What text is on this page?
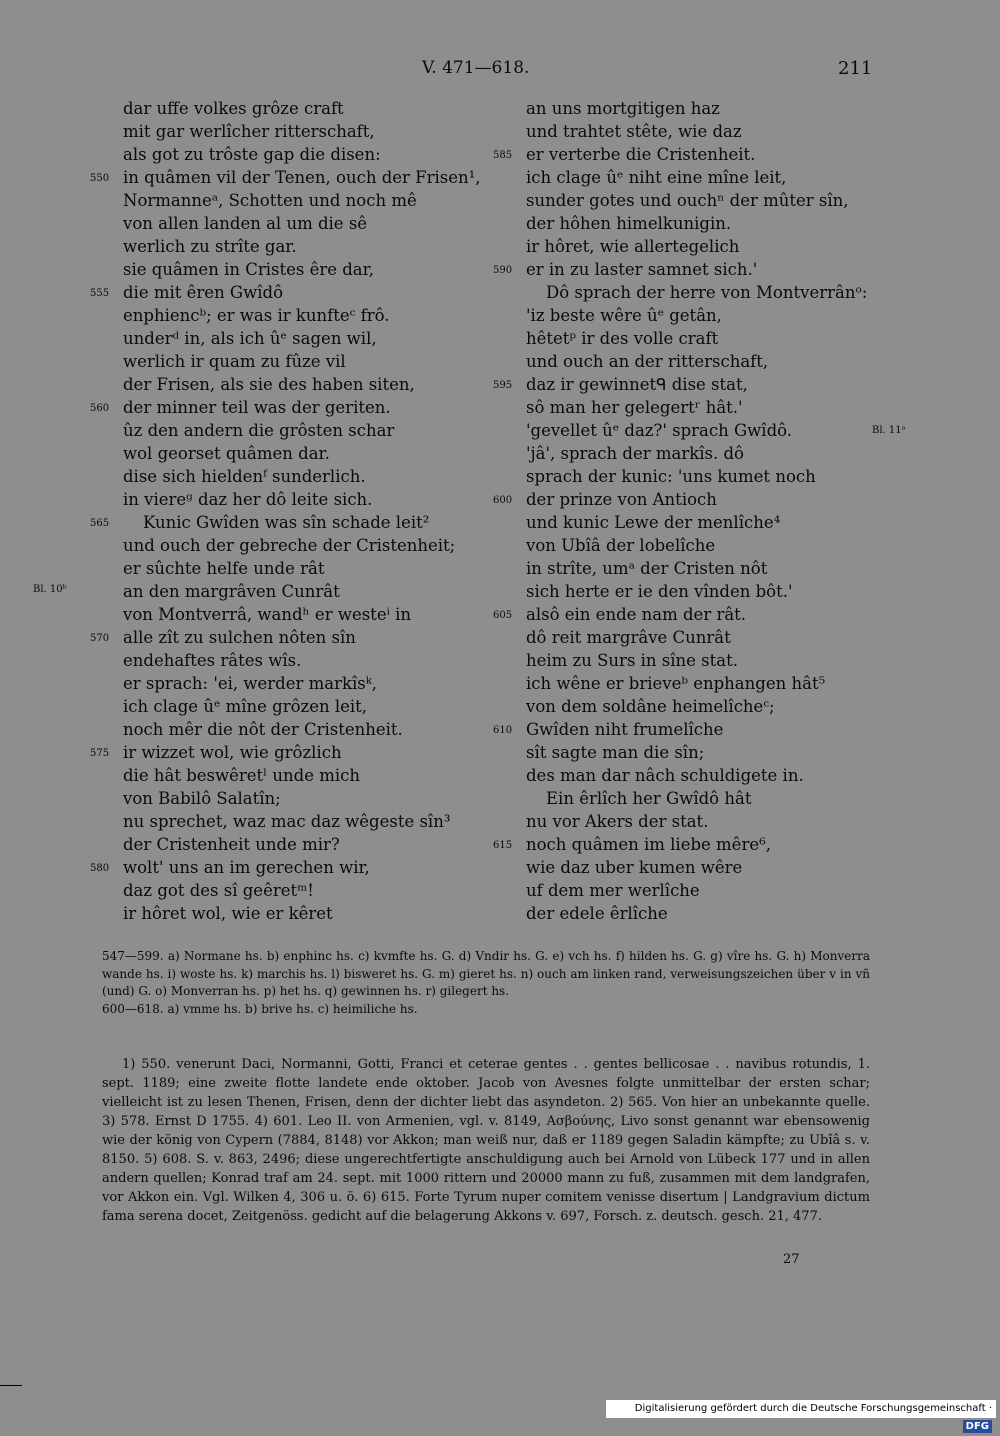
V. 471—618.	211
dar uffe volkes grôze craft
mit gar werlîcher ritterschaft,
als got zu trôste gap die disen:
550 in quâmen vil der Tenen, ouch der Frisen¹,
Normanneᵃ, Schotten und noch mê
von allen landen al um die sê
werlich zu strîte gar.
sie quâmen in Cristes êre dar,
555 die mit êren Gwîdô
enphiencᵇ; er was ir kunfteᶜ frô.
underᵈ in, als ich ûᵉ sagen wil,
werlich ir quam zu fûze vil
der Frisen, als sie des haben siten,
560 der minner teil was der geriten.
ûz den andern die grôsten schar
wol georset quâmen dar.
dise sich hieldenᶠ sunderlich.
in viereᵍ daz her dô leite sich.
565	Kunic Gwîden was sîn schade leit²
und ouch der gebreche der Cristenheit;
er sûchte helfe unde rât
an den margrâven Cunrât
von Montverrâ, wandʰ er westeⁱ in
570 alle zît zu sulchen nôten sîn
endehaftes râtes wîs.
er sprach: 'ei, werder markîsᵏ,
ich clage ûᵉ mîne grôzen leit,
noch mêr die nôt der Cristenheit.
575 ir wizzet wol, wie grôzlich
die hât beswêretˡ unde mich
von Babilô Salatîn;
nu sprechet, waz mac daz wêgeste sîn³
der Cristenheit unde mir?
580 wolt' uns an im gerechen wir,
daz got des sî geêretᵐ!
ir hôret wol, wie er kêret
an uns mortgitigen haz
und trahtet stête, wie daz
585 er verterbe die Cristenheit.
ich clage ûᵉ niht eine mîne leit,
sunder gotes und ouchⁿ der mûter sîn,
der hôhen himelkunigin.
ir hôret, wie allertegelich
590 er in zu laster samnet sich.'
Dô sprach der herre von Montverrânᵒ:
'iz beste wêre ûᵉ getân,
hêtetᵖ ir des volle craft
und ouch an der ritterschaft,
595 daz ir gewinnetᑫ dise stat,
sô man her gelegertʳ hât.'
'gevellet ûᵉ daz?' sprach Gwîdô.
'jâ', sprach der markîs. dô
sprach der kunic: 'uns kumet noch
600 der prinze von Antioch
und kunic Lewe der menlîche⁴
von Ubîâ der lobelîche
in strîte, umᵃ der Cristen nôt
sich herte er ie den vînden bôt.'
605 alsô ein ende nam der rât.
dô reit margrâve Cunrât
heim zu Surs in sîne stat.
ich wêne er brieveᵇ enphangen hât⁵
von dem soldâne heimelîcheᶜ;
610 Gwîden niht frumelîche
sît sagte man die sîn;
des man dar nâch schuldigete in.
Ein êrlîch her Gwîdô hât
nu vor Akers der stat.
615 noch quâmen im liebe mêre⁶,
wie daz uber kumen wêre
uf dem mer werlîche
der edele êrlîche
Bl. 10ᵇ
Bl. 11ᵃ

547—599. a) Normane hs. b) enphinc hs. c) kvmfte hs. G. d) Vndir hs. G. e) vch hs. f) hilden hs. G. g) vîre hs. G. h) Monverra wande hs. i) woste hs. k) marchis hs. l) bisweret hs. G. m) gieret hs. n) ouch am linken rand, verweisungszeichen über v in vñ (und) G. o) Monverran hs. p) het hs. q) gewinnen hs. r) gilegert hs.

600—618. a) vmme hs. b) brive hs. c) heimiliche hs.

1) 550. venerunt Daci, Normanni, Gotti, Franci et ceterae gentes . . gentes bellicosae . . navibus rotundis, 1. sept. 1189; eine zweite flotte landete ende oktober. Jacob von Avesnes folgte unmittelbar der ersten schar; vielleicht ist zu lesen Thenen, Frisen, denn der dichter liebt das asyndeton. 2) 565. Von hier an unbekannte quelle. 3) 578. Ernst D 1755. 4) 601. Leo II. von Armenien, vgl. v. 8149, Ασβούνης, Livo sonst genannt war ebensowenig wie der könig von Cypern (7884, 8148) vor Akkon; man weiß nur, daß er 1189 gegen Saladin kämpfte; zu Ubîâ s. v. 8150. 5) 608. S. v. 863, 2496; diese ungerechtfertigte anschuldigung auch bei Arnold von Lübeck 177 und in allen andern quellen; Konrad traf am 24. sept. mit 1000 rittern und 20000 mann zu fuß, zusammen mit dem landgrafen, vor Akkon ein. Vgl. Wilken 4, 306 u. ö. 6) 615. Forte Tyrum nuper comitem venisse disertum | Landgravium dictum fama serena docet, Zeitgenöss. gedicht auf die belagerung Akkons v. 697, Forsch. z. deutsch. gesch. 21, 477.

27
Digitalisierung gefördert durch die Deutsche Forschungsgemeinschaft · DFG
